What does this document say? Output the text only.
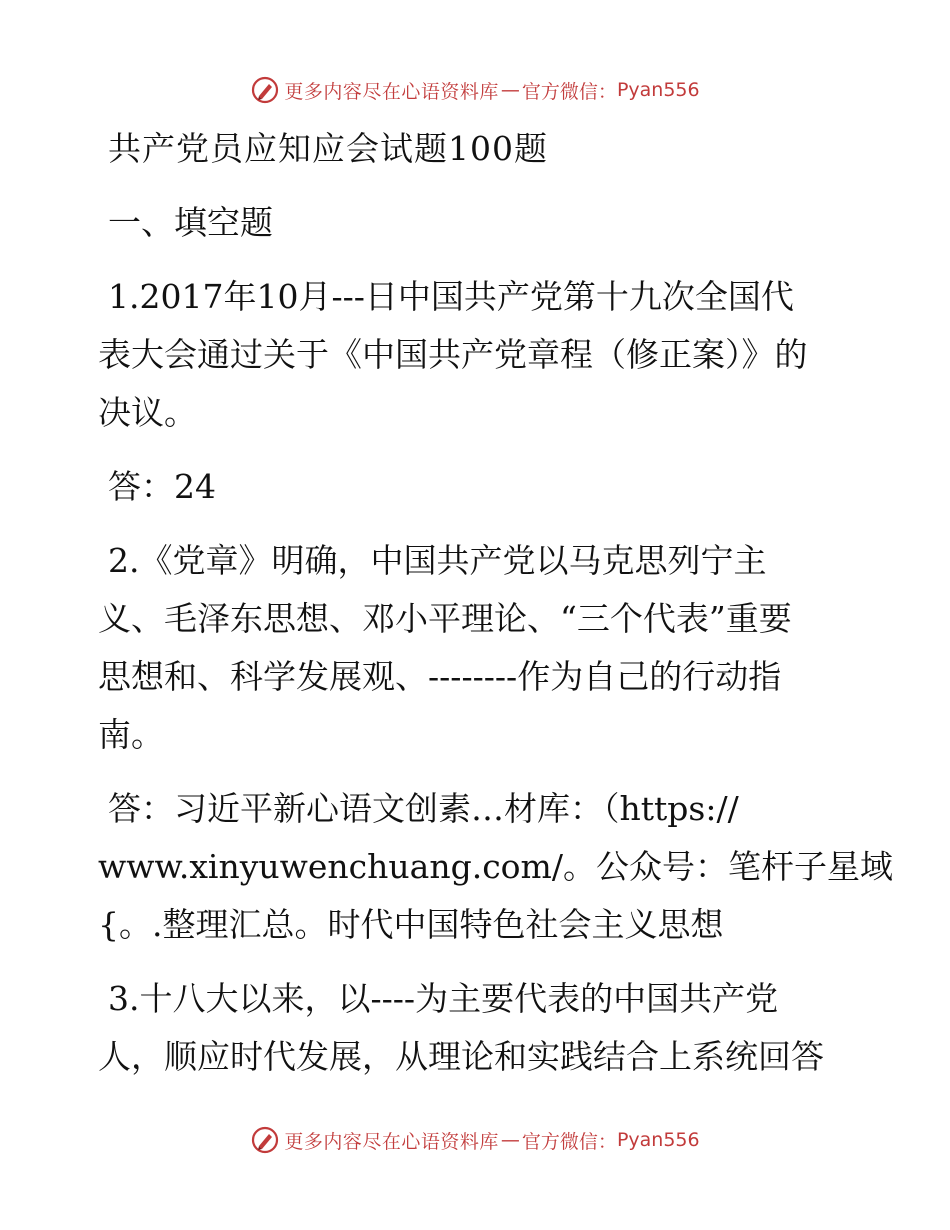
更多内容尽在心语资料库 — 官方微信： Pyan556
共产党员应知应会试题100题
一、填空题
1.2017年10月---日中国共产党第十九次全国代
表大会通过关于《中国共产党章程（修正案）》的
决议。
答：24
2.《党章》明确，中国共产党以马克思列宁主
义、毛泽东思想、邓小平理论、“三个代表”重要
思想和、科学发展观、--------作为自己的行动指
南。
答：习近平新心语文创素…材库：（https://
www.xinyuwenchuang.com/。公众号：笔杆子星域
{。.整理汇总。时代中国特色社会主义思想
3.十八大以来，以----为主要代表的中国共产党
人，顺应时代发展，从理论和实践结合上系统回答
更多内容尽在心语资料库 — 官方微信： Pyan556
